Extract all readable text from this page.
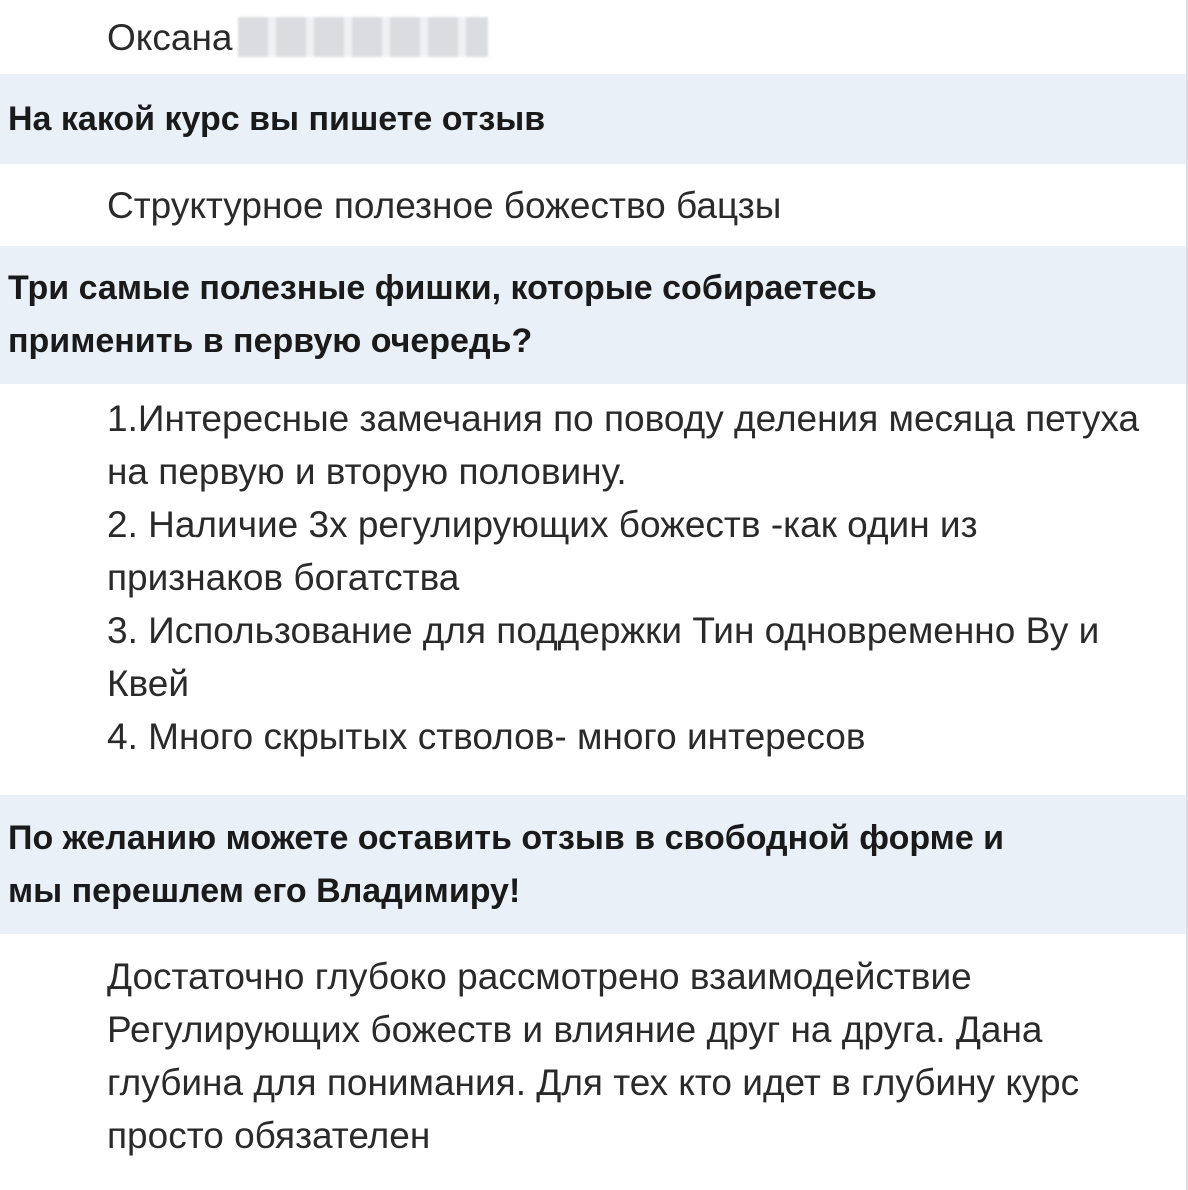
Оксана
На какой курс вы пишете отзыв
Структурное полезное божество бацзы
Три самые полезные фишки, которые собираетесь применить в первую очередь?
1.Интересные замечания по поводу деления месяца петуха на первую и вторую половину.
2. Наличие 3х регулирующих божеств -как один из признаков богатства
3. Использование для поддержки Тин одновременно Ву и Квей
4. Много скрытых стволов- много интересов
По желанию можете оставить отзыв в свободной форме и мы перешлем его Владимиру!
Достаточно глубоко рассмотрено взаимодействие Регулирующих божеств и влияние друг на друга. Дана глубина для понимания. Для тех кто идет в глубину курс просто обязателен
